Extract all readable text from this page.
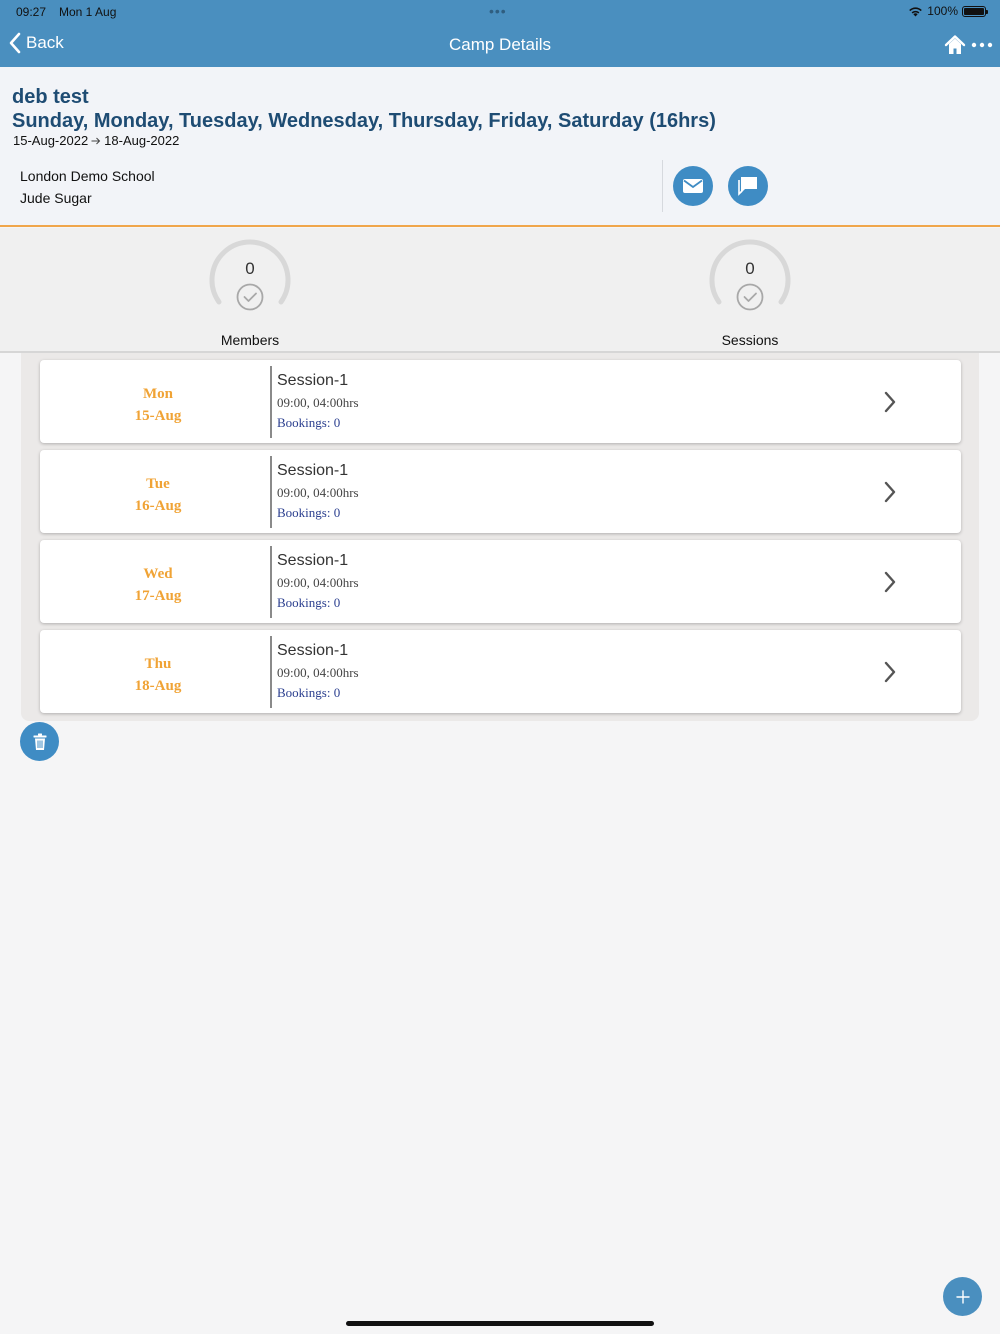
09:27 Mon 1 Aug	•••	100%
Back	Camp Details
deb test
Sunday, Monday, Tuesday, Wednesday, Thursday, Friday, Saturday (16hrs)
15-Aug-2022 18-Aug-2022
London Demo School
Jude Sugar
0
Members
0
Sessions
Mon
15-Aug
Session-1
09:00, 04:00hrs
Bookings: 0
Tue
16-Aug
Session-1
09:00, 04:00hrs
Bookings: 0
Wed
17-Aug
Session-1
09:00, 04:00hrs
Bookings: 0
Thu
18-Aug
Session-1
09:00, 04:00hrs
Bookings: 0
